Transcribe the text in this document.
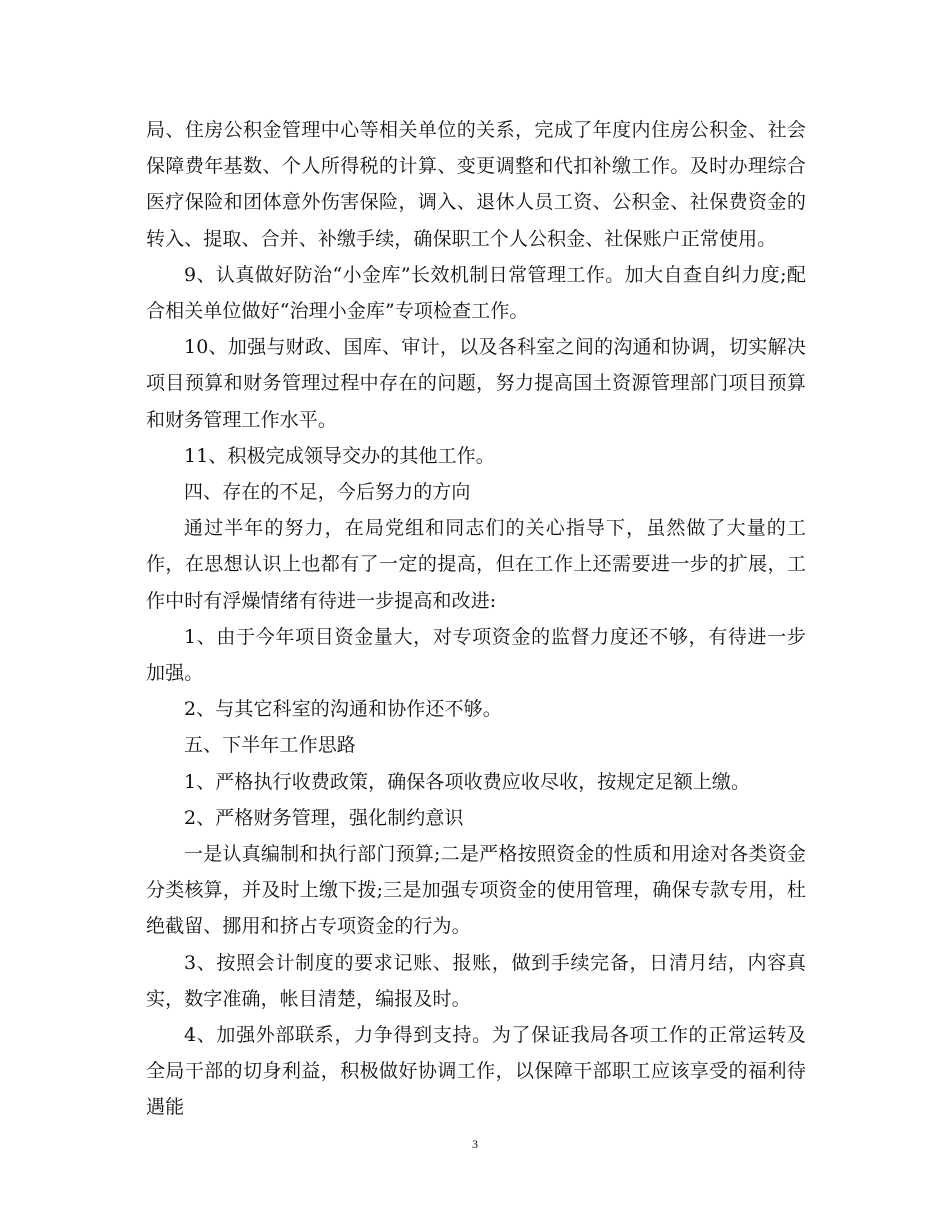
局、住房公积金管理中心等相关单位的关系，完成了年度内住房公积金、社会保障费年基数、个人所得税的计算、变更调整和代扣补缴工作。及时办理综合医疗保险和团体意外伤害保险，调入、退休人员工资、公积金、社保费资金的转入、提取、合并、补缴手续，确保职工个人公积金、社保账户正常使用。

9、认真做好防治“小金库”长效机制日常管理工作。加大自查自纠力度;配合相关单位做好“治理小金库”专项检查工作。

10、加强与财政、国库、审计，以及各科室之间的沟通和协调，切实解决项目预算和财务管理过程中存在的问题，努力提高国土资源管理部门项目预算和财务管理工作水平。

11、积极完成领导交办的其他工作。

四、存在的不足，今后努力的方向

通过半年的努力，在局党组和同志们的关心指导下，虽然做了大量的工作，在思想认识上也都有了一定的提高，但在工作上还需要进一步的扩展，工作中时有浮燥情绪有待进一步提高和改进:

1、由于今年项目资金量大，对专项资金的监督力度还不够，有待进一步加强。

2、与其它科室的沟通和协作还不够。

五、下半年工作思路

1、严格执行收费政策，确保各项收费应收尽收，按规定足额上缴。

2、严格财务管理，强化制约意识

一是认真编制和执行部门预算;二是严格按照资金的性质和用途对各类资金分类核算，并及时上缴下拨;三是加强专项资金的使用管理，确保专款专用，杜绝截留、挪用和挤占专项资金的行为。

3、按照会计制度的要求记账、报账，做到手续完备，日清月结，内容真实，数字准确，帐目清楚，编报及时。

4、加强外部联系，力争得到支持。为了保证我局各项工作的正常运转及全局干部的切身利益，积极做好协调工作，以保障干部职工应该享受的福利待遇能

3
